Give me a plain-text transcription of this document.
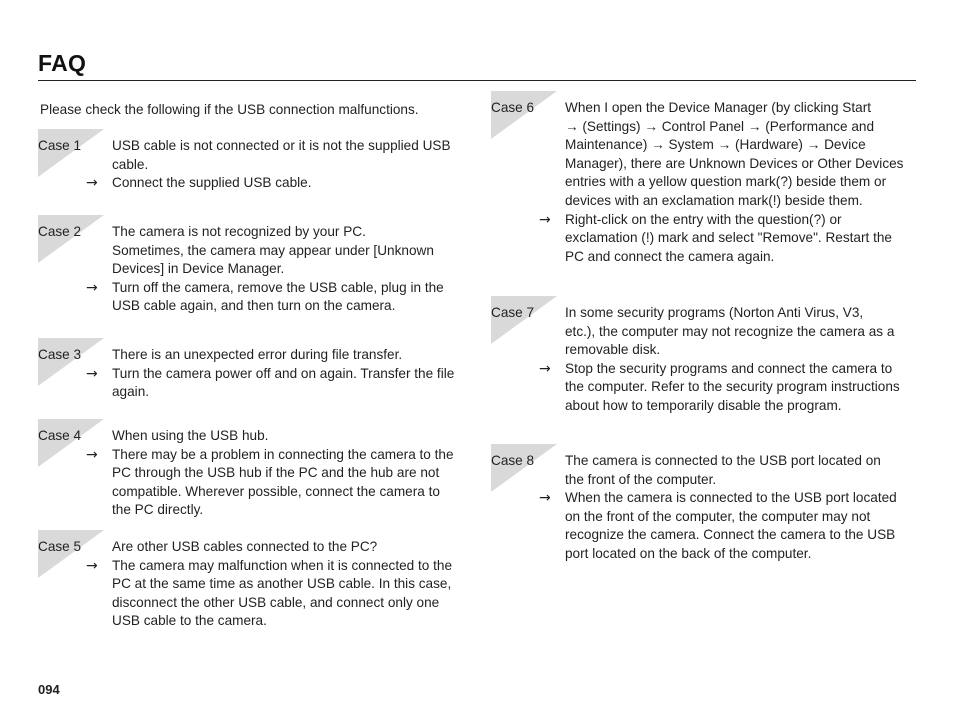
FAQ
Please check the following if the USB connection malfunctions.
Case 1 USB cable is not connected or it is not the supplied USB
cable.
→ Connect the supplied USB cable.
Case 2 The camera is not recognized by your PC.
Sometimes, the camera may appear under [Unknown
Devices] in Device Manager.
→ Turn off the camera, remove the USB cable, plug in the
USB cable again, and then turn on the camera.
Case 3 There is an unexpected error during file transfer.
→ Turn the camera power off and on again. Transfer the file
again.
Case 4 When using the USB hub.
→ There may be a problem in connecting the camera to the
PC through the USB hub if the PC and the hub are not
compatible. Wherever possible, connect the camera to
the PC directly.
Case 5 Are other USB cables connected to the PC?
→ The camera may malfunction when it is connected to the
PC at the same time as another USB cable. In this case,
disconnect the other USB cable, and connect only one
USB cable to the camera.
Case 6 When I open the Device Manager (by clicking Start
→ (Settings) → Control Panel → (Performance and
Maintenance) → System → (Hardware) → Device
Manager), there are Unknown Devices or Other Devices
entries with a yellow question mark(?) beside them or
devices with an exclamation mark(!) beside them.
→ Right-click on the entry with the question(?) or
exclamation (!) mark and select "Remove". Restart the
PC and connect the camera again.
Case 7 In some security programs (Norton Anti Virus, V3,
etc.), the computer may not recognize the camera as a
removable disk.
→ Stop the security programs and connect the camera to
the computer. Refer to the security program instructions
about how to temporarily disable the program.
Case 8 The camera is connected to the USB port located on
the front of the computer.
→ When the camera is connected to the USB port located
on the front of the computer, the computer may not
recognize the camera. Connect the camera to the USB
port located on the back of the computer.
094
